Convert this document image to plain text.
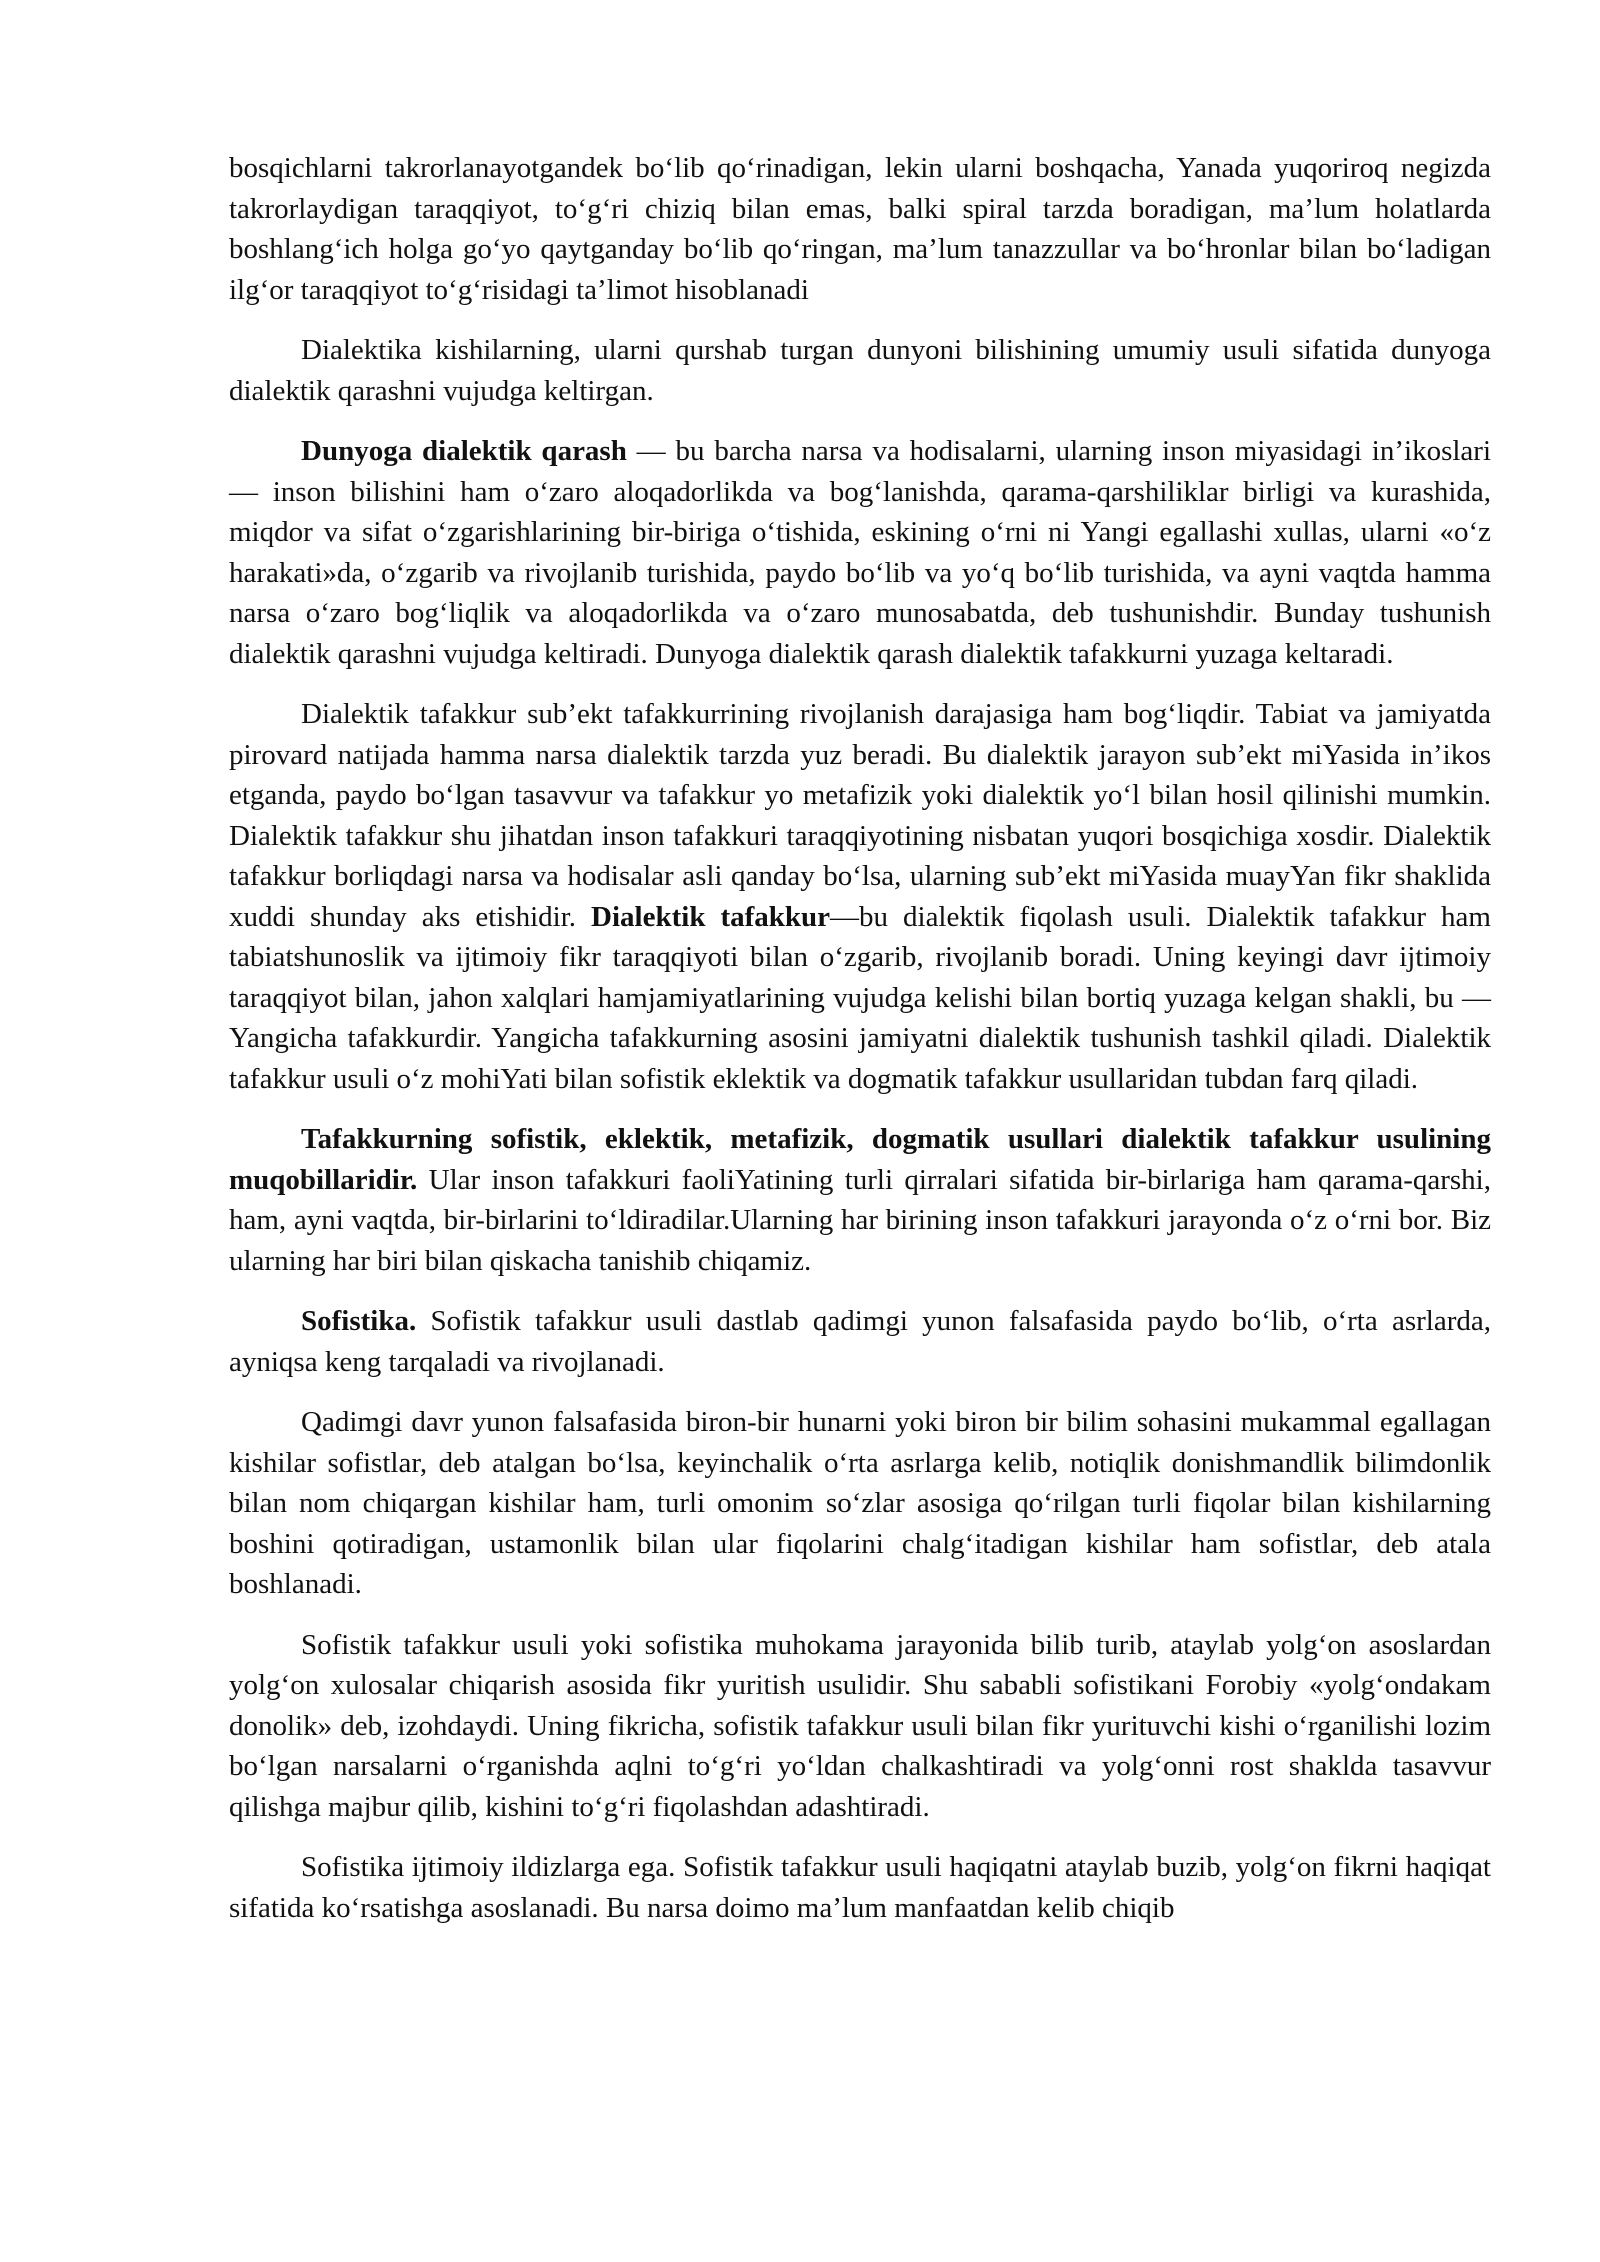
bosqichlarni takrorlanayotgandek boʻlib qoʻrinadigan, lekin ularni boshqacha, Yanada yuqoriroq negizda takrorlaydigan taraqqiyot, toʻgʻri chiziq bilan emas, balki spiral tarzda boradigan, maʼlum holatlarda boshlangʻich holga goʻyo qaytganday boʻlib qoʻringan, maʼlum tanazzullar va boʻhronlar bilan boʻladigan ilgʻor taraqqiyot toʻgʻrisidagi taʼlimot hisoblanadi

Dialektika kishilarning, ularni qurshab turgan dunyoni bilishining umumiy usuli sifatida dunyoga dialektik qarashni vujudga keltirgan.

Dunyoga dialektik qarash — bu barcha narsa va hodisalarni, ularning inson miyasidagi inʼikoslari — inson bilishini ham oʻzaro aloqadorlikda va bogʻlanishda, qarama-qarshiliklar birligi va kurashida, miqdor va sifat oʻzgarishlarining bir-biriga oʻtishida, eskining oʻrni ni Yangi egallashi xullas, ularni «oʻz harakati»da, oʻzgarib va rivojlanib turishida, paydo boʻlib va yoʻq boʻlib turishida, va ayni vaqtda hamma narsa oʻzaro bogʻliqlik va aloqadorlikda va oʻzaro munosabatda, deb tushunishdir. Bunday tushunish dialektik qarashni vujudga keltiradi. Dunyoga dialektik qarash dialektik tafakkurni yuzaga keltaradi.

Dialektik tafakkur subʼekt tafakkurrining rivojlanish darajasiga ham bogʻliqdir. Tabiat va jamiyatda pirovard natijada hamma narsa dialektik tarzda yuz beradi. Bu dialektik jarayon subʼekt miYasida inʼikos etganda, paydo boʻlgan tasavvur va tafakkur yo metafizik yoki dialektik yoʻl bilan hosil qilinishi mumkin. Dialektik tafakkur shu jihatdan inson tafakkuri taraqqiyotining nisbatan yuqori bosqichiga xosdir. Dialektik tafakkur borliqdagi narsa va hodisalar asli qanday boʻlsa, ularning subʼekt miYasida muayYan fikr shaklida xuddi shunday aks etishidir. Dialektik tafakkur—bu dialektik fiqolash usuli. Dialektik tafakkur ham tabiatshunoslik va ijtimoiy fikr taraqqiyoti bilan oʻzgarib, rivojlanib boradi. Uning keyingi davr ijtimoiy taraqqiyot bilan, jahon xalqlari hamjamiyatlarining vujudga kelishi bilan bortiq yuzaga kelgan shakli, bu — Yangicha tafakkurdir. Yangicha tafakkurning asosini jamiyatni dialektik tushunish tashkil qiladi. Dialektik tafakkur usuli oʻz mohiYati bilan sofistik eklektik va dogmatik tafakkur usullaridan tubdan farq qiladi.

Tafakkurning sofistik, eklektik, metafizik, dogmatik usullari dialektik tafakkur usulining muqobillaridir. Ular inson tafakkuri faoliYatining turli qirralari sifatida bir-birlariga ham qarama-qarshi, ham, ayni vaqtda, bir-birlarini toʻldiradilar.Ularning har birining inson tafakkuri jarayonda oʻz oʻrni bor. Biz ularning har biri bilan qiskacha tanishib chiqamiz.

Sofistika. Sofistik tafakkur usuli dastlab qadimgi yunon falsafasida paydo boʻlib, oʻrta asrlarda, ayniqsa keng tarqaladi va rivojlanadi.

Qadimgi davr yunon falsafasida biron-bir hunarni yoki biron bir bilim sohasini mukammal egallagan kishilar sofistlar, deb atalgan boʻlsa, keyinchalik oʻrta asrlarga kelib, notiqlik donishmandlik bilimdonlik bilan nom chiqargan kishilar ham, turli omonim soʻzlar asosiga qoʻrilgan turli fiqolar bilan kishilarning boshini qotiradigan, ustamonlik bilan ular fiqolarini chalgʻitadigan kishilar ham sofistlar, deb atala boshlanadi.

Sofistik tafakkur usuli yoki sofistika muhokama jarayonida bilib turib, ataylab yolgʻon asoslardan yolgʻon xulosalar chiqarish asosida fikr yuritish usulidir. Shu sababli sofistikani Forobiy «yolgʻondakam donolik» deb, izohdaydi. Uning fikricha, sofistik tafakkur usuli bilan fikr yurituvchi kishi oʻrganilishi lozim boʻlgan narsalarni oʻrganishda aqlni toʻgʻri yoʻldan chalkashtiradi va yolgʻonni rost shaklda tasavvur qilishga majbur qilib, kishini toʻgʻri fiqolashdan adashtiradi.

Sofistika ijtimoiy ildizlarga ega. Sofistik tafakkur usuli haqiqatni ataylab buzib, yolgʻon fikrni haqiqat sifatida koʻrsatishga asoslanadi. Bu narsa doimo maʼlum manfaatdan kelib chiqib
